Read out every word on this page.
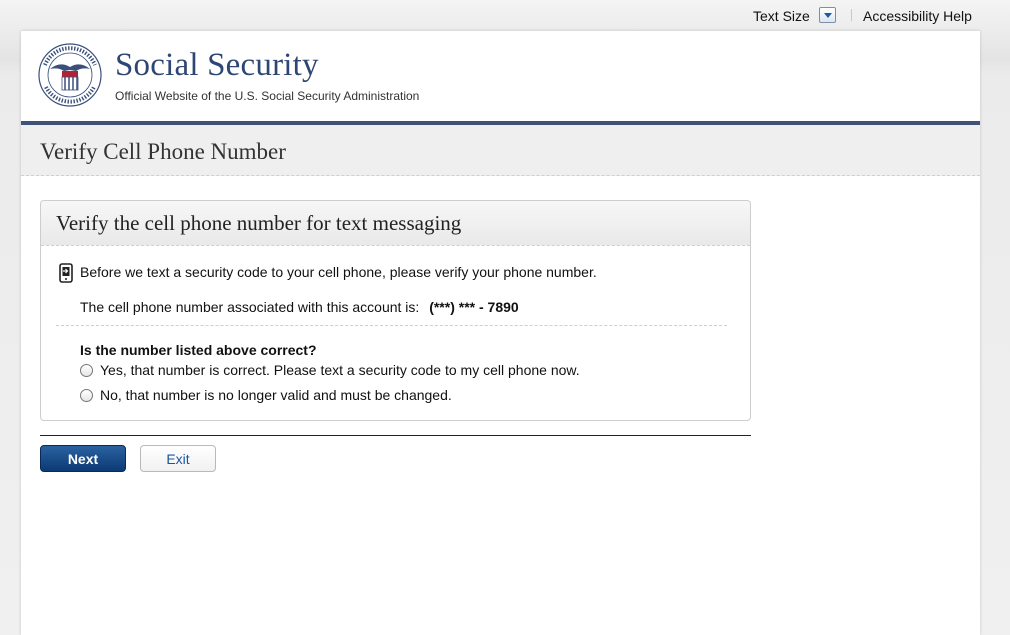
Text Size	Accessibility Help
Social Security
Official Website of the U.S. Social Security Administration
Verify Cell Phone Number
Verify the cell phone number for text messaging
Before we text a security code to your cell phone, please verify your phone number.
The cell phone number associated with this account is: (***) *** - 7890
Is the number listed above correct?
Yes, that number is correct. Please text a security code to my cell phone now.
No, that number is no longer valid and must be changed.
Next	Exit
